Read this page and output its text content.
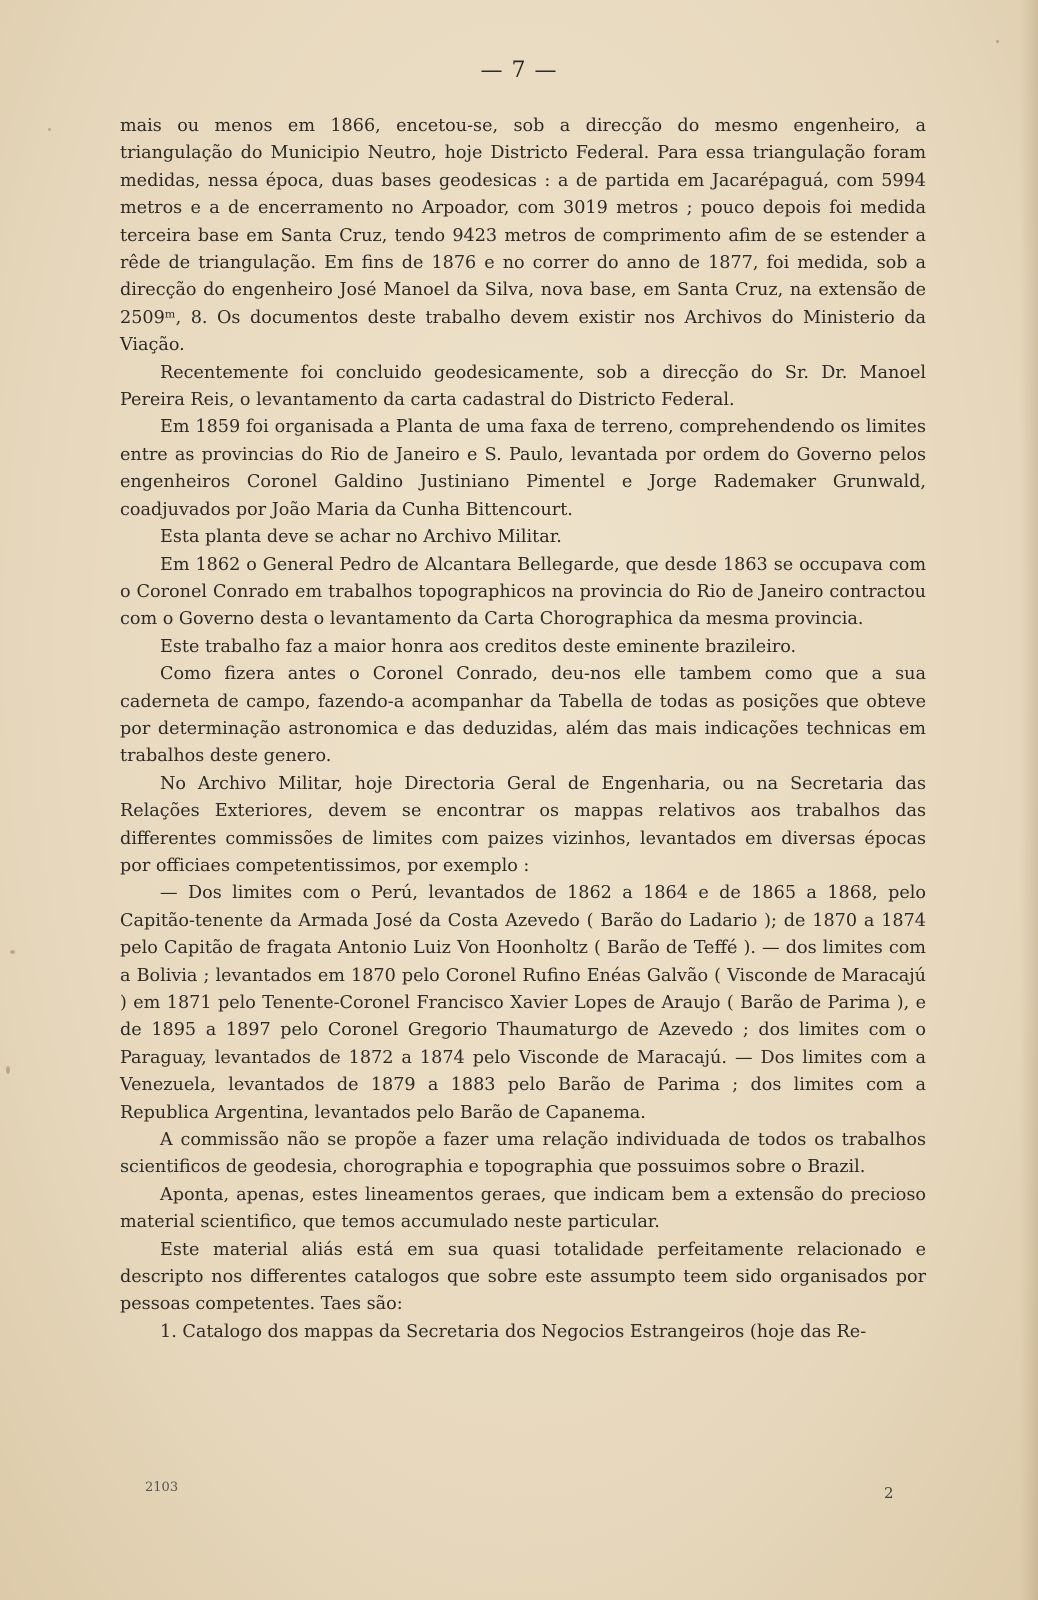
— 7 —

mais ou menos em 1866, encetou-se, sob a direcção do mesmo engenheiro, a triangulação do Municipio Neutro, hoje Districto Federal. Para essa triangulação foram medidas, nessa época, duas bases geodesicas : a de partida em Jacarépaguá, com 5994 metros e a de encerramento no Arpoador, com 3019 metros ; pouco depois foi medida terceira base em Santa Cruz, tendo 9423 metros de comprimento afim de se estender a rêde de triangulação. Em fins de 1876 e no correr do anno de 1877, foi medida, sob a direcção do engenheiro José Manoel da Silva, nova base, em Santa Cruz, na extensão de 2509ᵐ, 8. Os documentos deste trabalho devem existir nos Archivos do Ministerio da Viação.

Recentemente foi concluido geodesicamente, sob a direcção do Sr. Dr. Manoel Pereira Reis, o levantamento da carta cadastral do Districto Federal.

Em 1859 foi organisada a Planta de uma faxa de terreno, comprehendendo os limites entre as provincias do Rio de Janeiro e S. Paulo, levantada por ordem do Governo pelos engenheiros Coronel Galdino Justiniano Pimentel e Jorge Rademaker Grunwald, coadjuvados por João Maria da Cunha Bittencourt.

Esta planta deve se achar no Archivo Militar.

Em 1862 o General Pedro de Alcantara Bellegarde, que desde 1863 se occupava com o Coronel Conrado em trabalhos topographicos na provincia do Rio de Janeiro contractou com o Governo desta o levantamento da Carta Chorographica da mesma provincia.

Este trabalho faz a maior honra aos creditos deste eminente brazileiro.

Como fizera antes o Coronel Conrado, deu-nos elle tambem como que a sua caderneta de campo, fazendo-a acompanhar da Tabella de todas as posições que obteve por determinação astronomica e das deduzidas, além das mais indicações technicas em trabalhos deste genero.

No Archivo Militar, hoje Directoria Geral de Engenharia, ou na Secretaria das Relações Exteriores, devem se encontrar os mappas relativos aos trabalhos das differentes commissões de limites com paizes vizinhos, levantados em diversas épocas por officiaes competentissimos, por exemplo :

— Dos limites com o Perú, levantados de 1862 a 1864 e de 1865 a 1868, pelo Capitão-tenente da Armada José da Costa Azevedo ( Barão do Ladario ); de 1870 a 1874 pelo Capitão de fragata Antonio Luiz Von Hoonholtz ( Barão de Teffé ). — dos limites com a Bolivia ; levantados em 1870 pelo Coronel Rufino Enéas Galvão ( Visconde de Maracajú ) em 1871 pelo Tenente-Coronel Francisco Xavier Lopes de Araujo ( Barão de Parima ), e de 1895 a 1897 pelo Coronel Gregorio Thaumaturgo de Azevedo ; dos limites com o Paraguay, levantados de 1872 a 1874 pelo Visconde de Maracajú. — Dos limites com a Venezuela, levantados de 1879 a 1883 pelo Barão de Parima ; dos limites com a Republica Argentina, levantados pelo Barão de Capanema.

A commissão não se propõe a fazer uma relação individuada de todos os trabalhos scientificos de geodesia, chorographia e topographia que possuimos sobre o Brazil.

Aponta, apenas, estes lineamentos geraes, que indicam bem a extensão do precioso material scientifico, que temos accumulado neste particular.

Este material aliás está em sua quasi totalidade perfeitamente relacionado e descripto nos differentes catalogos que sobre este assumpto teem sido organisados por pessoas competentes. Taes são:

1. Catalogo dos mappas da Secretaria dos Negocios Estrangeiros (hoje das Re-

2103	2
